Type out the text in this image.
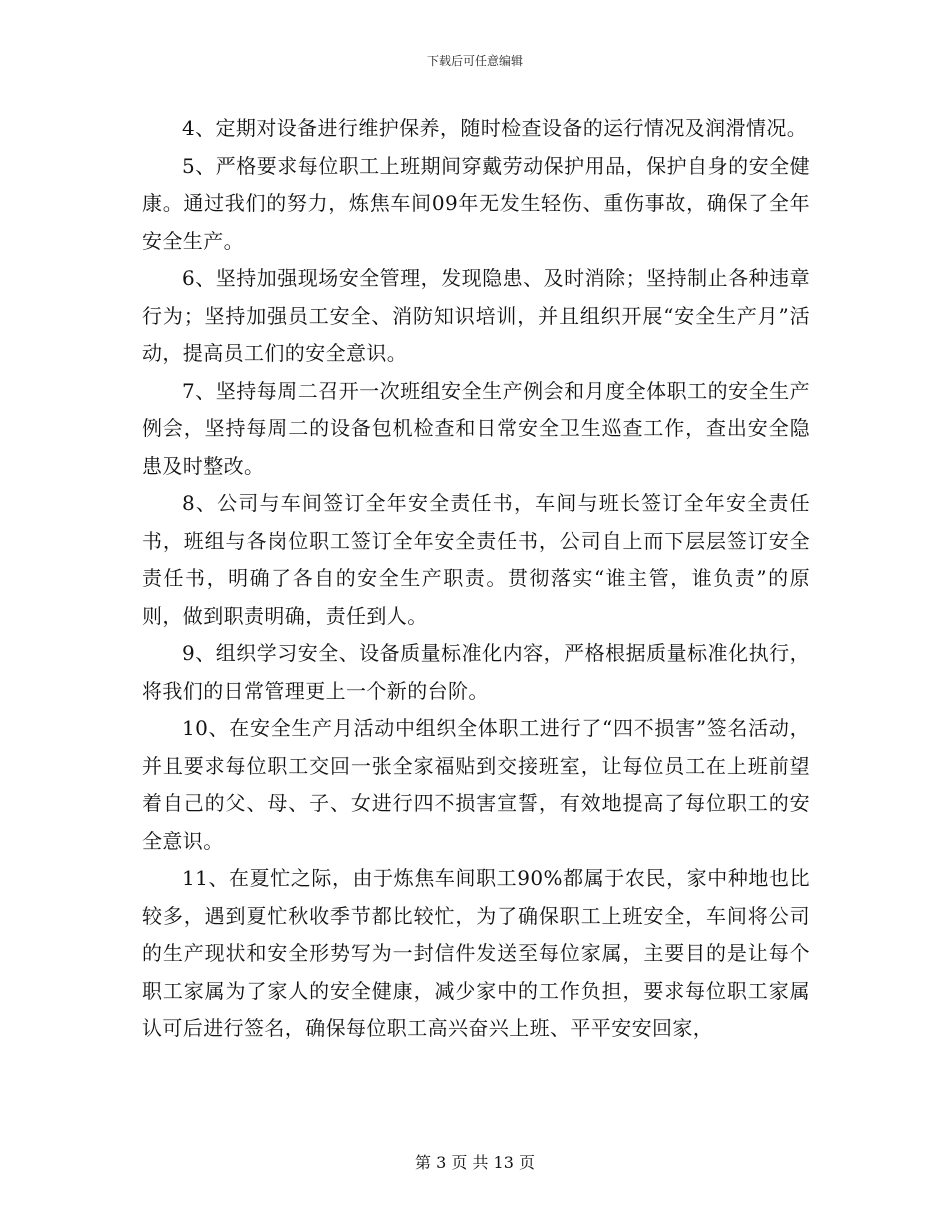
下载后可任意编辑

4、定期对设备进行维护保养，随时检查设备的运行情况及润滑情况。

5、严格要求每位职工上班期间穿戴劳动保护用品，保护自身的安全健康。通过我们的努力，炼焦车间09年无发生轻伤、重伤事故，确保了全年安全生产。

6、坚持加强现场安全管理，发现隐患、及时消除；坚持制止各种违章行为；坚持加强员工安全、消防知识培训，并且组织开展“安全生产月”活动，提高员工们的安全意识。

7、坚持每周二召开一次班组安全生产例会和月度全体职工的安全生产例会，坚持每周二的设备包机检查和日常安全卫生巡查工作，查出安全隐患及时整改。

8、公司与车间签订全年安全责任书，车间与班长签订全年安全责任书，班组与各岗位职工签订全年安全责任书，公司自上而下层层签订安全责任书，明确了各自的安全生产职责。贯彻落实“谁主管，谁负责”的原则，做到职责明确，责任到人。

9、组织学习安全、设备质量标准化内容，严格根据质量标准化执行，将我们的日常管理更上一个新的台阶。

10、在安全生产月活动中组织全体职工进行了“四不损害”签名活动，并且要求每位职工交回一张全家福贴到交接班室，让每位员工在上班前望着自己的父、母、子、女进行四不损害宣誓，有效地提高了每位职工的安全意识。

11、在夏忙之际，由于炼焦车间职工90%都属于农民，家中种地也比较多，遇到夏忙秋收季节都比较忙，为了确保职工上班安全，车间将公司的生产现状和安全形势写为一封信件发送至每位家属，主要目的是让每个职工家属为了家人的安全健康，减少家中的工作负担，要求每位职工家属认可后进行签名，确保每位职工高兴奋兴上班、平平安安回家，

第 3 页 共 13 页
